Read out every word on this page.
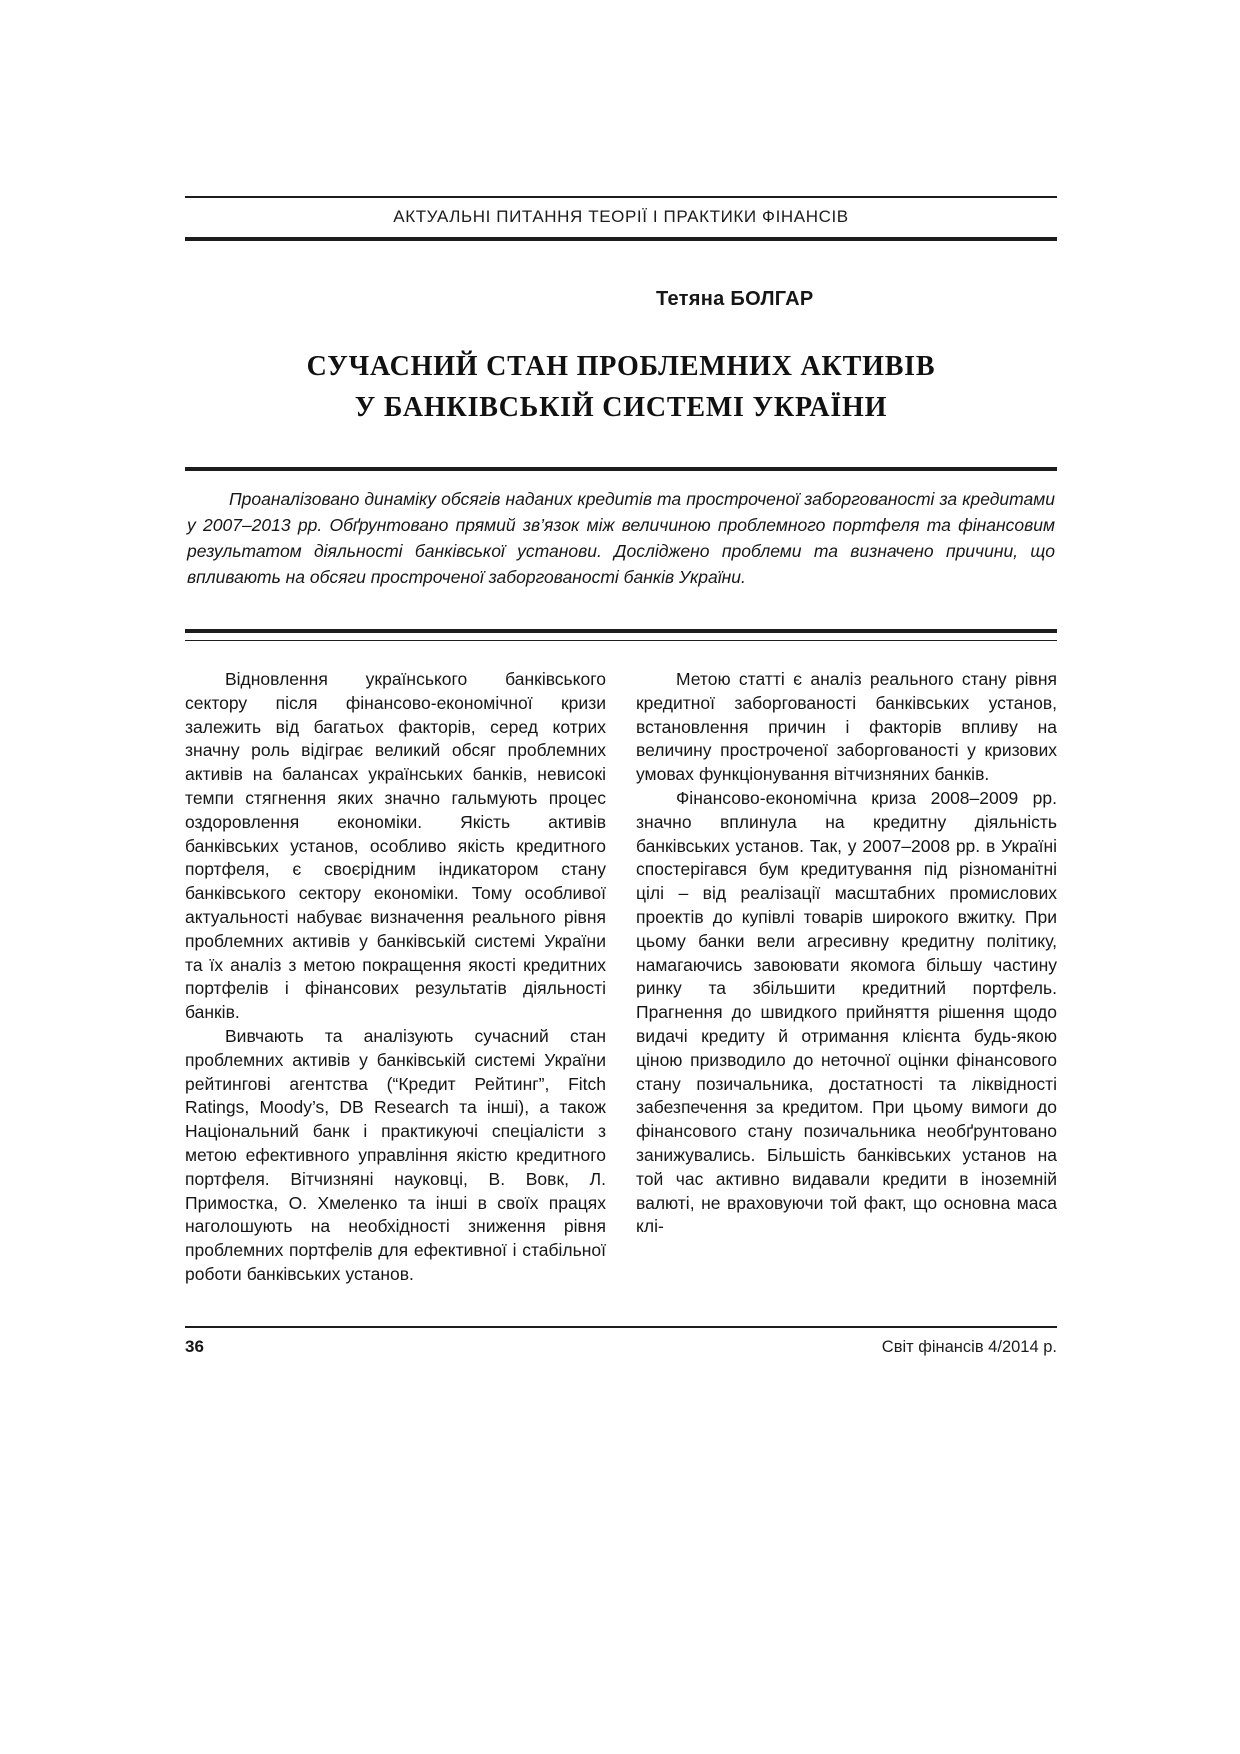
АКТУАЛЬНІ ПИТАННЯ ТЕОРІЇ І ПРАКТИКИ ФІНАНСІВ
Тетяна БОЛГАР
СУЧАСНИЙ СТАН ПРОБЛЕМНИХ АКТИВІВ
У БАНКІВСЬКІЙ СИСТЕМІ УКРАЇНИ

Проаналізовано динаміку обсягів наданих кредитів та простроченої заборгованості за кредитами у 2007–2013 рр. Обґрунтовано прямий зв’язок між величиною проблемного портфеля та фінансовим результатом діяльності банківської установи. Досліджено проблеми та визначено причини, що впливають на обсяги простроченої заборгованості банків України.

Відновлення українського банківського сектору після фінансово-економічної кризи залежить від багатьох факторів, серед котрих значну роль відіграє великий обсяг проблемних активів на балансах українських банків, невисокі темпи стягнення яких значно гальмують процес оздоровлення економіки. Якість активів банківських установ, особливо якість кредитного портфеля, є своєрідним індикатором стану банківського сектору економіки. Тому особливої актуальності набуває визначення реального рівня проблемних активів у банківській системі України та їх аналіз з метою покращення якості кредитних портфелів і фінансових результатів діяльності банків.

Вивчають та аналізують сучасний стан проблемних активів у банківській системі України рейтингові агентства (“Кредит Рейтинг”, Fitch Ratings, Moody’s, DB Research та інші), а також Національний банк і практикуючі спеціалісти з метою ефективного управління якістю кредитного портфеля. Вітчизняні науковці, В. Вовк, Л. Примостка, О. Хмеленко та інші в своїх працях наголошують на необхідності зниження рівня проблемних портфелів для ефективної і стабільної роботи банківських установ.

Метою статті є аналіз реального стану рівня кредитної заборгованості банківських установ, встановлення причин і факторів впливу на величину простроченої заборгованості у кризових умовах функціонування вітчизняних банків.

Фінансово-економічна криза 2008–2009 рр. значно вплинула на кредитну діяльність банківських установ. Так, у 2007–2008 рр. в Україні спостерігався бум кредитування під різноманітні цілі – від реалізації масштабних промислових проектів до купівлі товарів широкого вжитку. При цьому банки вели агресивну кредитну політику, намагаючись завоювати якомога більшу частину ринку та збільшити кредитний портфель. Прагнення до швидкого прийняття рішення щодо видачі кредиту й отримання клієнта будь-якою ціною призводило до неточної оцінки фінансового стану позичальника, достатності та ліквідності забезпечення за кредитом. При цьому вимоги до фінансового стану позичальника необґрунтовано занижувались. Більшість банківських установ на той час активно видавали кредити в іноземній валюті, не враховуючи той факт, що основна маса клі-

36	Світ фінансів 4/2014 р.
